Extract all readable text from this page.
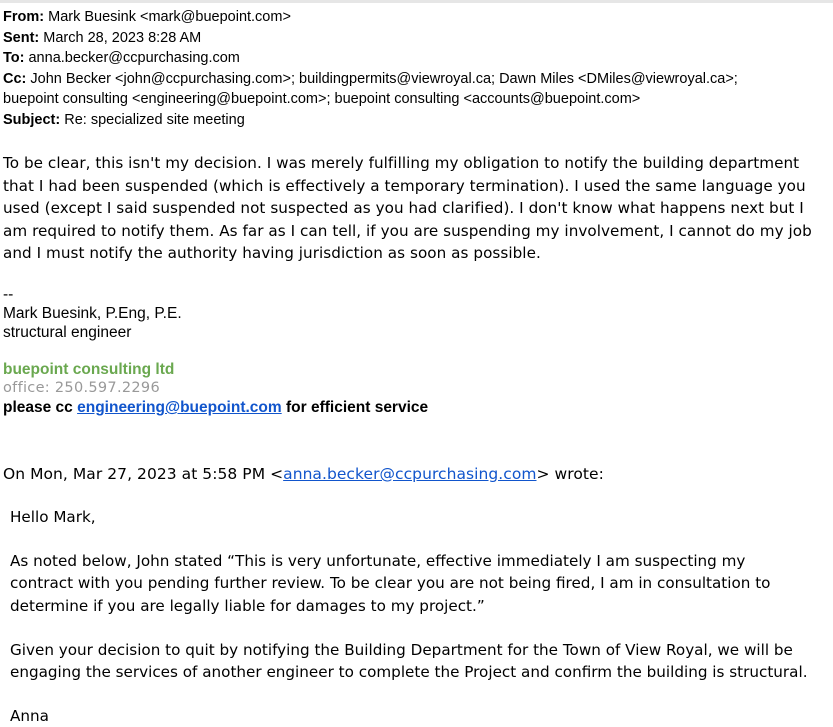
From: Mark Buesink <mark@buepoint.com>
Sent: March 28, 2023 8:28 AM
To: anna.becker@ccpurchasing.com
Cc: John Becker <john@ccpurchasing.com>; buildingpermits@viewroyal.ca; Dawn Miles <DMiles@viewroyal.ca>;
buepoint consulting <engineering@buepoint.com>; buepoint consulting <accounts@buepoint.com>
Subject: Re: specialized site meeting
To be clear, this isn't my decision. I was merely fulfilling my obligation to notify the building department
that I had been suspended (which is effectively a temporary termination). I used the same language you
used (except I said suspended not suspected as you had clarified). I don't know what happens next but I
am required to notify them. As far as I can tell, if you are suspending my involvement, I cannot do my job
and I must notify the authority having jurisdiction as soon as possible.
--
Mark Buesink, P.Eng, P.E.
structural engineer
buepoint consulting ltd
office: 250.597.2296
please cc engineering@buepoint.com for efficient service
On Mon, Mar 27, 2023 at 5:58 PM <anna.becker@ccpurchasing.com> wrote:
Hello Mark,
As noted below, John stated “This is very unfortunate, effective immediately I am suspecting my
contract with you pending further review. To be clear you are not being fired, I am in consultation to
determine if you are legally liable for damages to my project.”
Given your decision to quit by notifying the Building Department for the Town of View Royal, we will be
engaging the services of another engineer to complete the Project and confirm the building is structural.
Anna
